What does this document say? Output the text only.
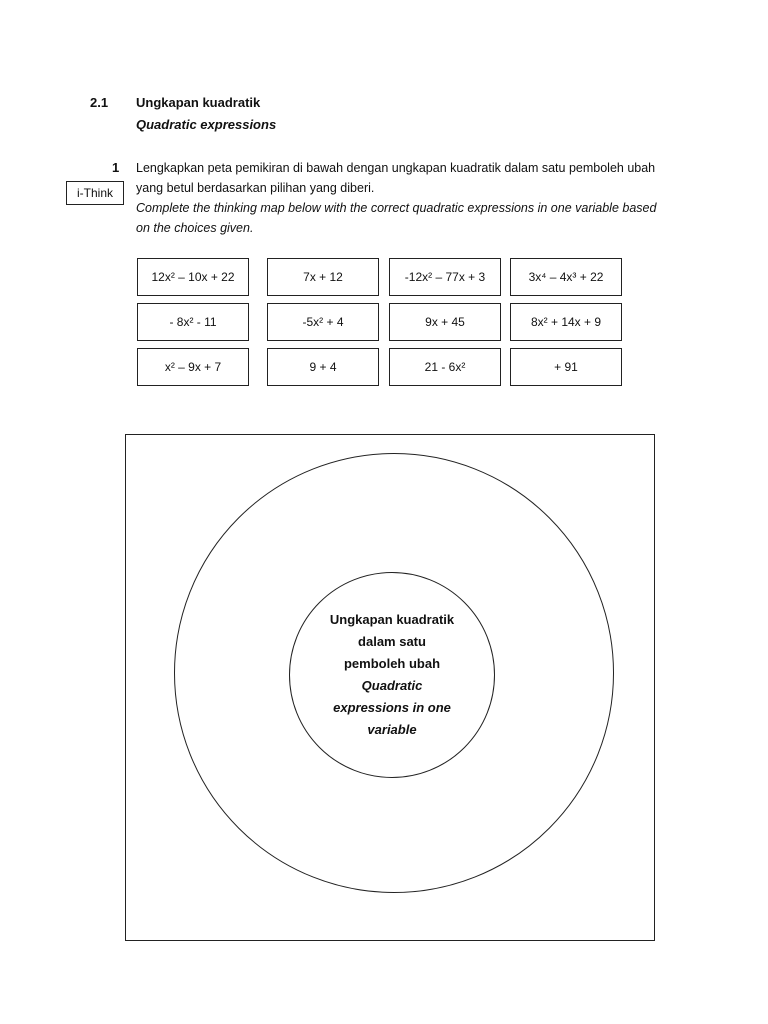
2.1 Ungkapan kuadratik
Quadratic expressions
1 Lengkapkan peta pemikiran di bawah dengan ungkapan kuadratik dalam satu pemboleh ubah
yang betul berdasarkan pilihan yang diberi.
Complete the thinking map below with the correct quadratic expressions in one variable based
on the choices given.
i-Think
12x² – 10x + 22	7x + 12	-12x² – 77x + 3	3x⁴ – 4x³ + 22
- 8x² - 11	-5x² + 4	9x + 45	8x² + 14x + 9
x² – 9x + 7	9 + 4	21 - 6x²	+ 91
Ungkapan kuadratik
dalam satu
pemboleh ubah
Quadratic
expressions in one
variable
